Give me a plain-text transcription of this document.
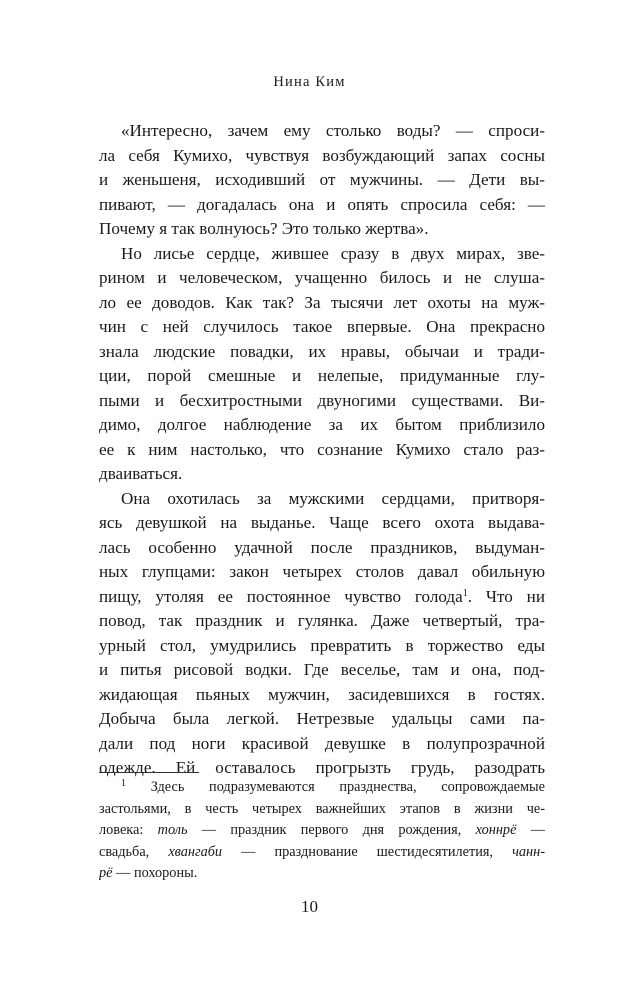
Нина Ким
«Интересно, зачем ему столько воды? — спроси-
ла себя Кумихо, чувствуя возбуждающий запах сосны
и женьшеня, исходивший от мужчины. — Дети вы-
пивают, — догадалась она и опять спросила себя: —
Почему я так волнуюсь? Это только жертва».
Но лисье сердце, жившее сразу в двух мирах, зве-
рином и человеческом, учащенно билось и не слуша-
ло ее доводов. Как так? За тысячи лет охоты на муж-
чин с ней случилось такое впервые. Она прекрасно
знала людские повадки, их нравы, обычаи и тради-
ции, порой смешные и нелепые, придуманные глу-
пыми и бесхитростными двуногими существами. Ви-
димо, долгое наблюдение за их бытом приблизило
ее к ним настолько, что сознание Кумихо стало раз-
дваиваться.
Она охотилась за мужскими сердцами, притворя-
ясь девушкой на выданье. Чаще всего охота выдава-
лась особенно удачной после праздников, выдуман-
ных глупцами: закон четырех столов давал обильную
пищу, утоляя ее постоянное чувство голода$^1$. Что ни
повод, так праздник и гулянка. Даже четвертый, тра-
урный стол, умудрились превратить в торжество еды
и питья рисовой водки. Где веселье, там и она, под-
жидающая пьяных мужчин, засидевшихся в гостях.
Добыча была легкой. Нетрезвые удальцы сами па-
дали под ноги красивой девушке в полупрозрачной
одежде. Ей оставалось прогрызть грудь, разодрать
$^1$ Здесь подразумеваются празднества, сопровождаемые
застольями, в честь четырех важнейших этапов в жизни че-
ловека: толь — праздник первого дня рождения, хоннрё —
свадьба, хвангаби — празднование шестидесятилетия, чанн-
рё — похороны.
10
